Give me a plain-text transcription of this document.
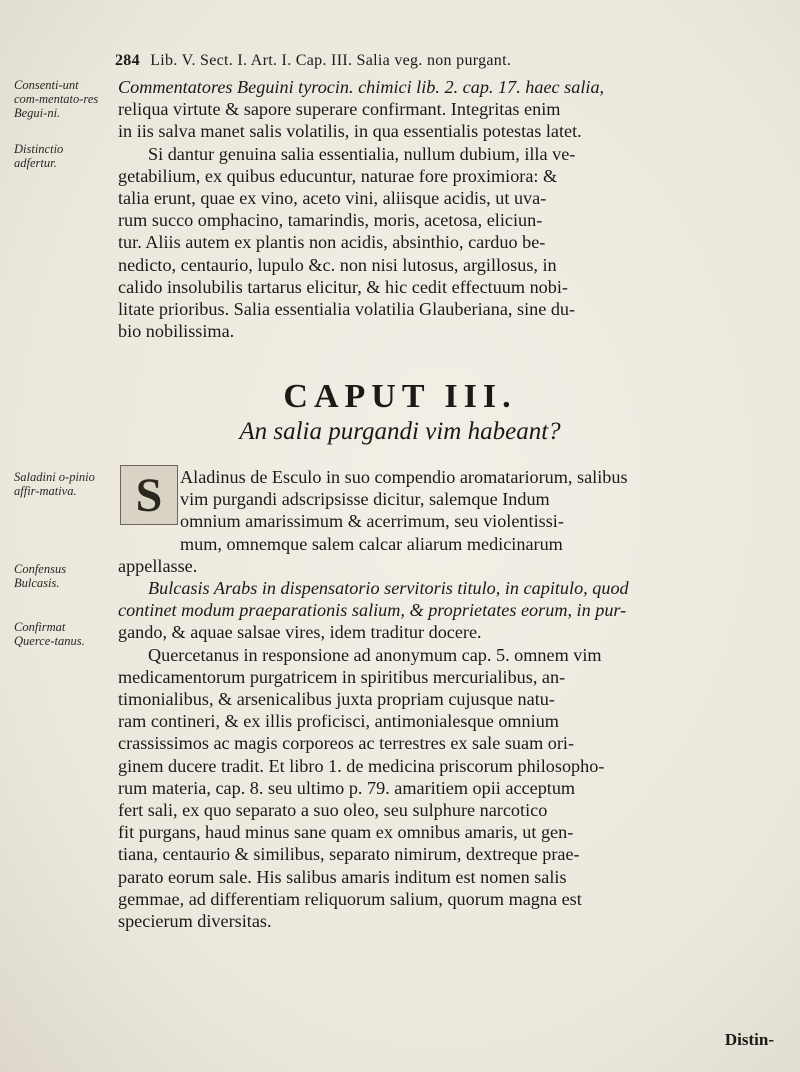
284 Lib. V. Sect. I. Art. I. Cap. III. Salia veg. non purgant.
Consenti-unt com-mentato-res Begui-ni.
Distinctio adfertur.
Saladini o-pinio affir-mativa.
Confensus Bulcasis.
Confirmat Querce-tanus.
Commentatores Beguini tyrocin. chimici lib. 2. cap. 17. haec salia,
reliqua virtute & sapore superare confirmant. Integritas enim
in iis salva manet salis volatilis, in qua essentialis potestas latet.
Si dantur genuina salia essentialia, nullum dubium, illa ve-
getabilium, ex quibus educuntur, naturae fore proximiora: &
talia erunt, quae ex vino, aceto vini, aliisque acidis, ut uva-
rum succo omphacino, tamarindis, moris, acetosa, eliciun-
tur. Aliis autem ex plantis non acidis, absinthio, carduo be-
nedicto, centaurio, lupulo &c. non nisi lutosus, argillosus, in
calido insolubilis tartarus elicitur, & hic cedit effectuum nobi-
litate prioribus. Salia essentialia volatilia Glauberiana, sine du-
bio nobilissima.
CAPUT III.
An salia purgandi vim habeant?
S Aladinus de Esculo in suo compendio aromatariorum, salibus
vim purgandi adscripsisse dicitur, salemque Indum
omnium amarissimum & acerrimum, seu violentissi-
mum, omnemque salem calcar aliarum medicinarum
appellasse.
Bulcasis Arabs in dispensatorio servitoris titulo, in capitulo, quod
continet modum praeparationis salium, & proprietates eorum, in pur-
gando, & aquae salsae vires, idem traditur docere.
Quercetanus in responsione ad anonymum cap. 5. omnem vim
medicamentorum purgatricem in spiritibus mercurialibus, an-
timonialibus, & arsenicalibus juxta propriam cujusque natu-
ram contineri, & ex illis proficisci, antimonialesque omnium
crassissimos ac magis corporeos ac terrestres ex sale suam ori-
ginem ducere tradit. Et libro 1. de medicina priscorum philosopho-
rum materia, cap. 8. seu ultimo p. 79. amaritiem opii acceptum
fert sali, ex quo separato a suo oleo, seu sulphure narcotico
fit purgans, haud minus sane quam ex omnibus amaris, ut gen-
tiana, centaurio & similibus, separato nimirum, dextreque prae-
parato eorum sale. His salibus amaris inditum est nomen salis
gemmae, ad differentiam reliquorum salium, quorum magna est
specierum diversitas.
Distin-
